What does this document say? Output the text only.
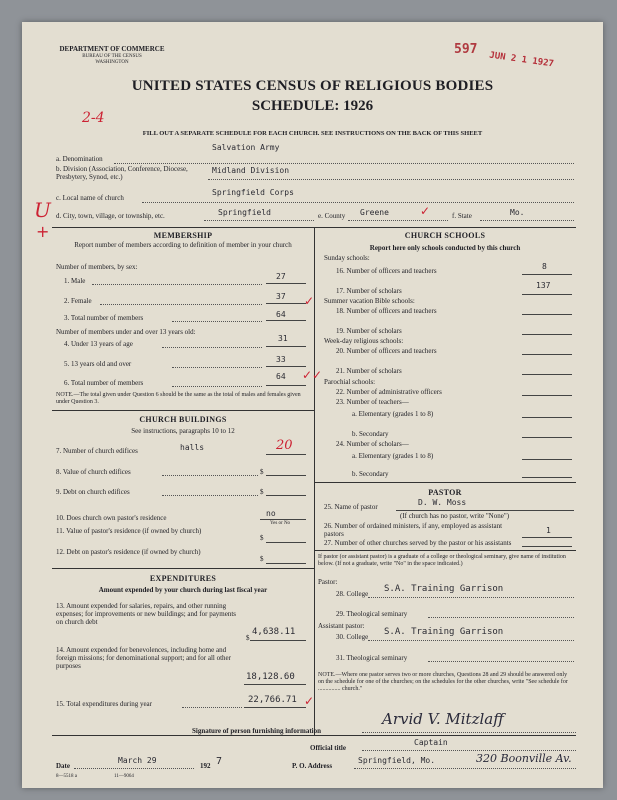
DEPARTMENT OF COMMERCE
BUREAU OF THE CENSUS
WASHINGTON
597
JUN 2 1 1927
UNITED STATES CENSUS OF RELIGIOUS BODIES
SCHEDULE: 1926
2-4
FILL OUT A SEPARATE SCHEDULE FOR EACH CHURCH. SEE INSTRUCTIONS ON THE BACK OF THIS SHEET
Salvation Army
a. Denomination
b. Division (Association, Conference, Diocese, Presbytery, Synod, etc.)
Midland Division
c. Local name of church
Springfield Corps
U
+
d. City, town, village, or township, etc.	Springfield	e. County Greene	✓	f. State	Mo.
MEMBERSHIP
Report number of members according to definition of member in your church
Number of members, by sex:
1. Male	27
2. Female	37 ✓
3. Total number of members	64
Number of members under and over 13 years old:
4. Under 13 years of age
31
5. 13 years old and over	33
6. Total number of members
64 ✓✓
NOTE.—The total given under Question 6 should be the same as the total of males and females given under Question 3.
CHURCH BUILDINGS
See instructions, paragraphs 10 to 12
7. Number of church edifices	halls	20
8. Value of church edifices	$
9. Debt on church edifices	$
10. Does church own pastor's residence	no
Yes or No
11. Value of pastor's residence (if owned by church)
$
12. Debt on pastor's residence (if owned by church)
$
EXPENDITURES
Amount expended by your church during last fiscal year
13. Amount expended for salaries, repairs, and other running expenses; for improvements or new buildings; and for payments on church debt
$
4,638.11
14. Amount expended for benevolences, including home and foreign missions; for denominational support; and for all other purposes
18,128.60
15. Total expenditures during year	22,766.71 ✓
CHURCH SCHOOLS
Report here only schools conducted by this church
Sunday schools:
16. Number of officers and teachers	8
17. Number of scholars
137
Summer vacation Bible schools:
18. Number of officers and teachers
19. Number of scholars
Week-day religious schools:
20. Number of officers and teachers
21. Number of scholars
Parochial schools:
22. Number of administrative officers
23. Number of teachers—
a. Elementary (grades 1 to 8)
b. Secondary
24. Number of scholars—
a. Elementary (grades 1 to 8)
b. Secondary
PASTOR
25. Name of pastor	D. W. Moss
(If church has no pastor, write "None")
26. Number of ordained ministers, if any, employed as assistant pastors	1
27. Number of other churches served by the pastor or his assistants
If pastor (or assistant pastor) is a graduate of a college or theological seminary, give name of institution below. (If not a graduate, write "No" in the space indicated.)
Pastor:
28. College S.A. Training Garrison
29. Theological seminary
Assistant pastor:
30. College S.A. Training Garrison
31. Theological seminary
NOTE.—Where one pastor serves two or more churches, Questions 28 and 29 should be answered only on the schedule for one of the churches; on the schedules for the other churches, write "See schedule for ............... church."
Signature of person furnishing information
Arvid V. Mitzlaff
Official title
Captain
Date
March 29
192 7	P. O. Address
Springfield, Mo.	320 Boonville Av.
8—5518 a	11—9064
